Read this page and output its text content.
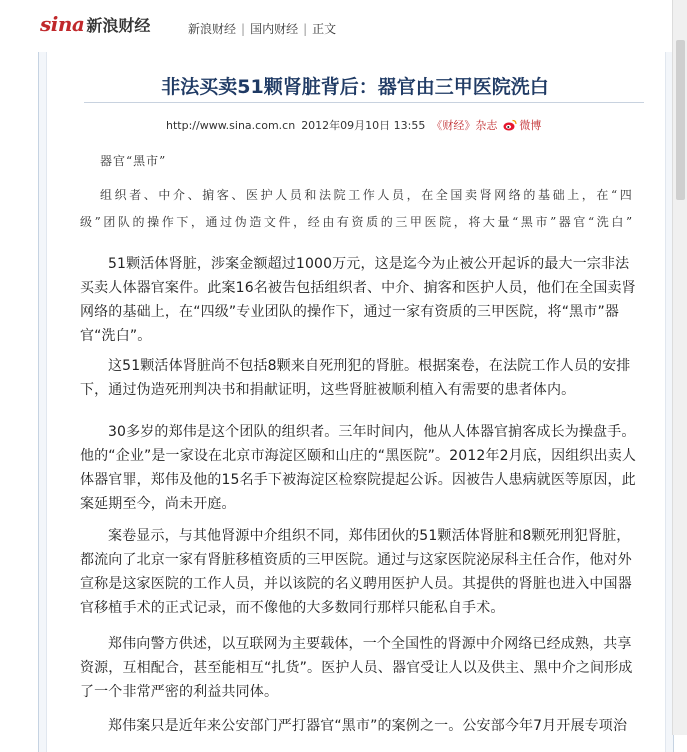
sina 新浪财经	新浪财经 | 国内财经 | 正文
非法买卖51颗肾脏背后：器官由三甲医院洗白
http://www.sina.com.cn 2012年09月10日 13:55 《财经》杂志 微博
器官“黑市”
组织者、中介、掮客、医护人员和法院工作人员，在全国卖肾网络的基础上，在“四级”团队的操作下，通过伪造文件，经由有资质的三甲医院，将大量“黑市”器官“洗白”
51颗活体肾脏，涉案金额超过1000万元，这是迄今为止被公开起诉的最大一宗非法买卖人体器官案件。此案16名被告包括组织者、中介、掮客和医护人员，他们在全国卖肾网络的基础上，在“四级”专业团队的操作下，通过一家有资质的三甲医院，将“黑市”器官“洗白”。
这51颗活体肾脏尚不包括8颗来自死刑犯的肾脏。根据案卷，在法院工作人员的安排下，通过伪造死刑判决书和捐献证明，这些肾脏被顺利植入有需要的患者体内。
30多岁的郑伟是这个团队的组织者。三年时间内，他从人体器官掮客成长为操盘手。他的“企业”是一家设在北京市海淀区颐和山庄的“黑医院”。2012年2月底，因组织出卖人体器官罪，郑伟及他的15名手下被海淀区检察院提起公诉。因被告人患病就医等原因，此案延期至今，尚未开庭。
案卷显示，与其他肾源中介组织不同，郑伟团伙的51颗活体肾脏和8颗死刑犯肾脏，都流向了北京一家有肾脏移植资质的三甲医院。通过与这家医院泌尿科主任合作，他对外宣称是这家医院的工作人员，并以该院的名义聘用医护人员。其提供的肾脏也进入中国器官移植手术的正式记录，而不像他的大多数同行那样只能私自手术。
郑伟向警方供述，以互联网为主要载体，一个全国性的肾源中介网络已经成熟，共享资源，互相配合，甚至能相互“扎货”。医护人员、器官受让人以及供主、黑中介之间形成了一个非常严密的利益共同体。
郑伟案只是近年来公安部门严打器官“黑市”的案例之一。公安部今年7月开展专项治
